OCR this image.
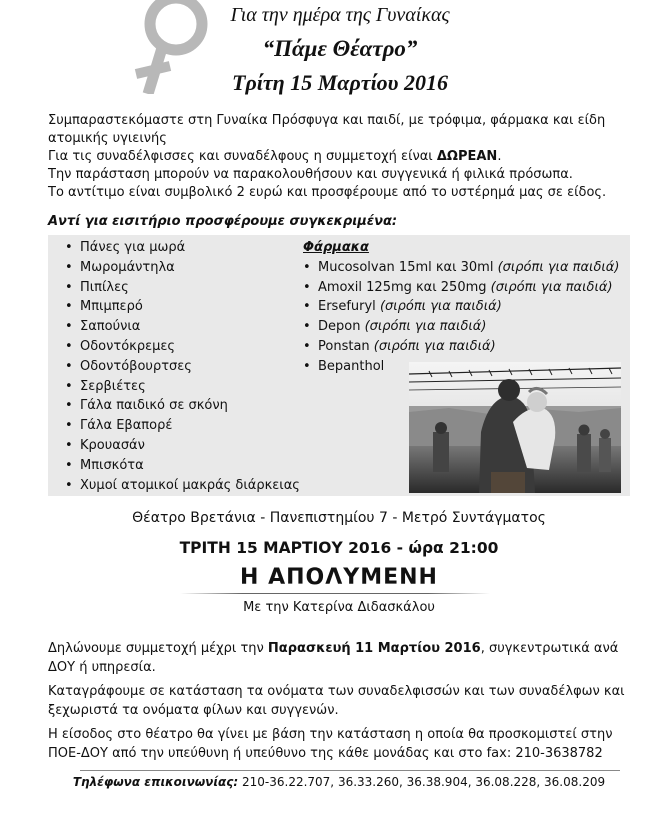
Για την ημέρα της Γυναίκας
“Πάμε Θέατρο”
Τρίτη 15 Μαρτίου 2016

Συμπαραστεκόμαστε στη Γυναίκα Πρόσφυγα και παιδί, με τρόφιμα, φάρμακα και είδη ατομικής υγιεινής

Για τις συναδέλφισσες και συναδέλφους η συμμετοχή είναι ΔΩΡΕΑΝ.

Την παράσταση μπορούν να παρακολουθήσουν και συγγενικά ή φιλικά πρόσωπα.

Το αντίτιμο είναι συμβολικό 2 ευρώ και προσφέρουμε από το υστέρημά μας σε είδος.

Αντί για εισιτήριο προσφέρουμε συγκεκριμένα:
• Πάνες για μωρά
• Μωρομάντηλα
• Πιπίλες
• Μπιμπερό
• Σαπούνια
• Οδοντόκρεμες
• Οδοντόβουρτσες
• Σερβιέτες
• Γάλα παιδικό σε σκόνη
• Γάλα Εβαπορέ
• Κρουασάν
• Μπισκότα
• Χυμοί ατομικοί μακράς διάρκειας
Φάρμακα
• Mucosolvan 15ml και 30ml (σιρόπι για παιδιά)
• Amoxil 125mg και 250mg (σιρόπι για παιδιά)
• Ersefuryl (σιρόπι για παιδιά)
• Depon (σιρόπι για παιδιά)
• Ponstan (σιρόπι για παιδιά)
• Bepanthol
Θέατρο Βρετάνια - Πανεπιστημίου 7 - Μετρό Συντάγματος
ΤΡΙΤΗ 15 ΜΑΡΤΙΟΥ 2016 - ώρα 21:00
Η ΑΠΟΛΥΜΕΝΗ
Με την Κατερίνα Διδασκάλου

Δηλώνουμε συμμετοχή μέχρι την Παρασκευή 11 Μαρτίου 2016, συγκεντρωτικά ανά ΔΟΥ ή υπηρεσία.

Καταγράφουμε σε κατάσταση τα ονόματα των συναδελφισσών και των συναδέλφων και ξεχωριστά τα ονόματα φίλων και συγγενών.

Η είσοδος στο θέατρο θα γίνει με βάση την κατάσταση η οποία θα προσκομιστεί στην ΠΟΕ-ΔΟΥ από την υπεύθυνη ή υπεύθυνο της κάθε μονάδας και στο fax: 210-3638782

Τηλέφωνα επικοινωνίας: 210-36.22.707, 36.33.260, 36.38.904, 36.08.228, 36.08.209
